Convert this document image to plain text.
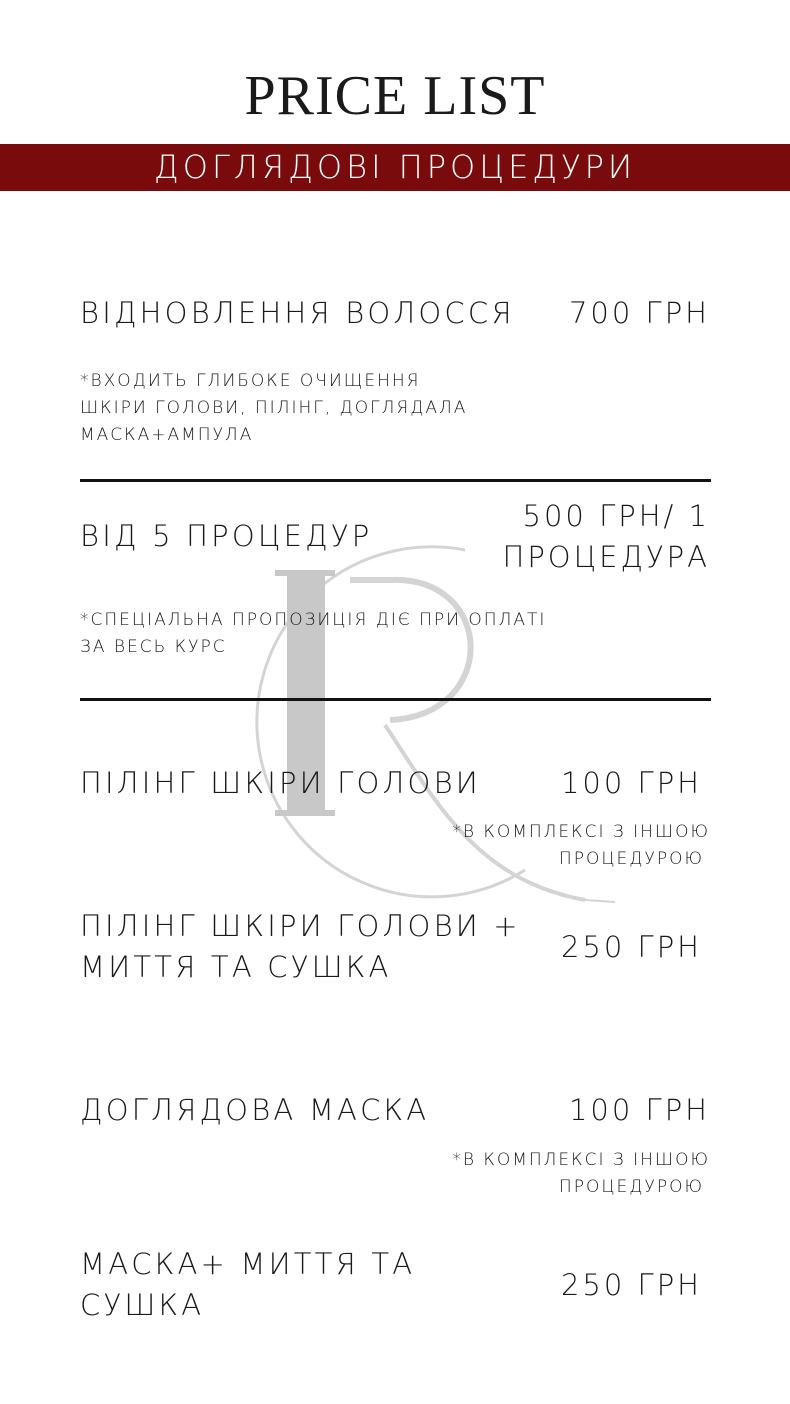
PRICE LIST
ДОГЛЯДОВІ ПРОЦЕДУРИ
R

ВІДНОВЛЕННЯ ВОЛОССЯ 700 ГРН

*ВХОДИТЬ ГЛИБОКЕ ОЧИЩЕННЯ

ШКІРИ ГОЛОВИ, ПІЛІНГ, ДОГЛЯДАЛА

МАСКА+АМПУЛА

ВІД 5 ПРОЦЕДУР

500 ГРН/ 1

ПРОЦЕДУРА

*СПЕЦІАЛЬНА ПРОПОЗИЦІЯ ДІЄ ПРИ ОПЛАТІ

ЗА ВЕСЬ КУРС

ПІЛІНГ ШКІРИ ГОЛОВИ	100 ГРН

*В КОМПЛЕКСІ З ІНШОЮ

ПРОЦЕДУРОЮ

ПІЛІНГ ШКІРИ ГОЛОВИ +

МИТТЯ ТА СУШКА

250 ГРН

ДОГЛЯДОВА МАСКА	100 ГРН

*В КОМПЛЕКСІ З ІНШОЮ

ПРОЦЕДУРОЮ

МАСКА+ МИТТЯ ТА

СУШКА

250 ГРН
